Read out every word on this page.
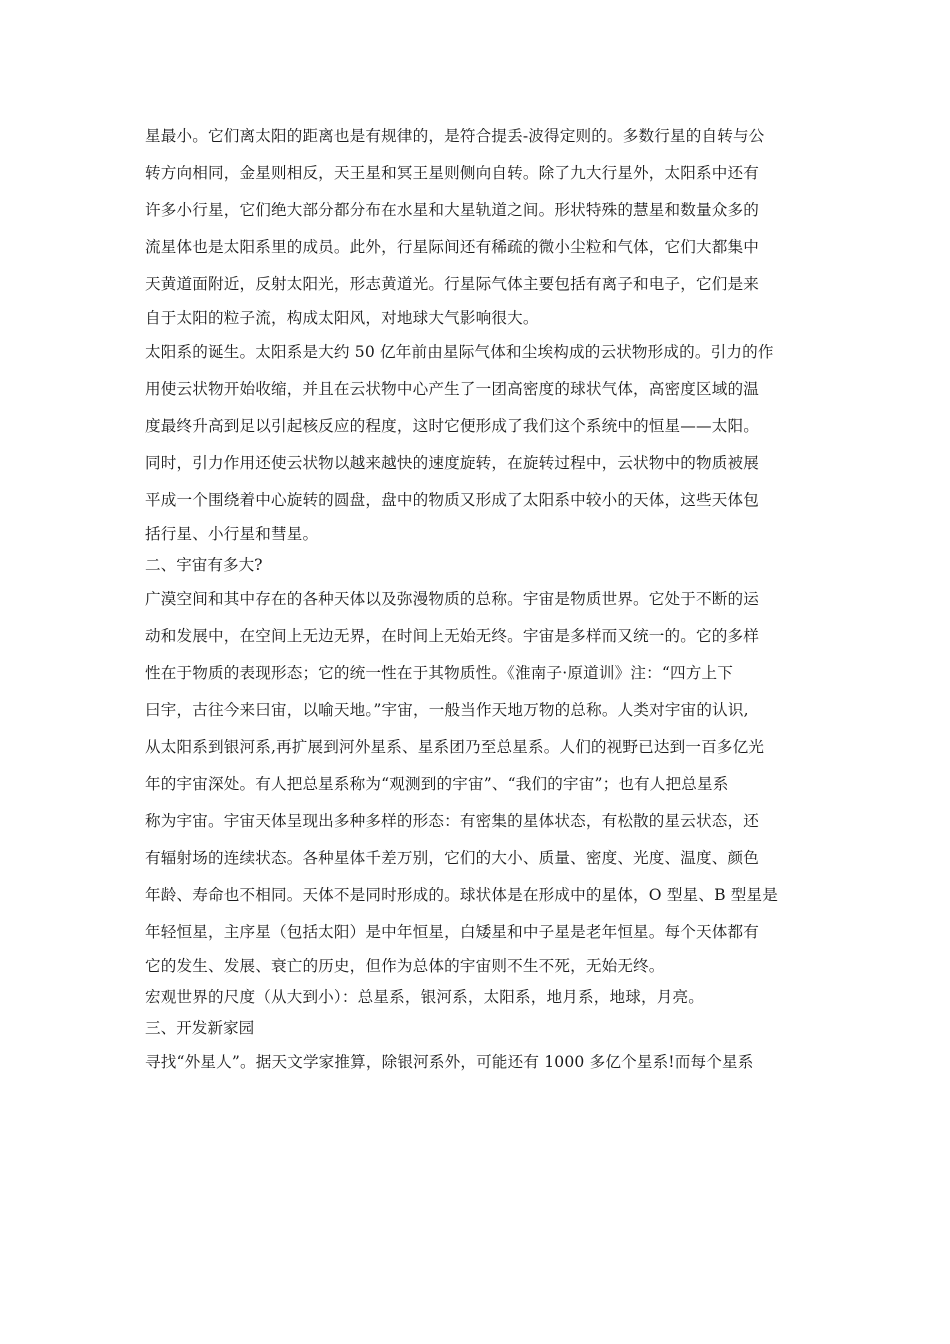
星最小。它们离太阳的距离也是有规律的，是符合提丢-波得定则的。多数行星的自转与公
转方向相同，金星则相反，天王星和冥王星则侧向自转。除了九大行星外，太阳系中还有
许多小行星，它们绝大部分都分布在水星和大星轨道之间。形状特殊的慧星和数量众多的
流星体也是太阳系里的成员。此外，行星际间还有稀疏的微小尘粒和气体，它们大都集中
天黄道面附近，反射太阳光，形志黄道光。行星际气体主要包括有离子和电子，它们是来
自于太阳的粒子流，构成太阳风，对地球大气影响很大。
太阳系的诞生。太阳系是大约 50 亿年前由星际气体和尘埃构成的云状物形成的。引力的作
用使云状物开始收缩，并且在云状物中心产生了一团高密度的球状气体，高密度区域的温
度最终升高到足以引起核反应的程度，这时它便形成了我们这个系统中的恒星——太阳。
同时，引力作用还使云状物以越来越快的速度旋转，在旋转过程中，云状物中的物质被展
平成一个围绕着中心旋转的圆盘，盘中的物质又形成了太阳系中较小的天体，这些天体包
括行星、小行星和彗星。
二、宇宙有多大?
广漠空间和其中存在的各种天体以及弥漫物质的总称。宇宙是物质世界。它处于不断的运
动和发展中，在空间上无边无界，在时间上无始无终。宇宙是多样而又统一的。它的多样
性在于物质的表现形态；它的统一性在于其物质性。《淮南子·原道训》注：“四方上下
曰宇，古往今来曰宙，以喻天地。”宇宙，一般当作天地万物的总称。人类对宇宙的认识,
从太阳系到银河系,再扩展到河外星系、星系团乃至总星系。人们的视野已达到一百多亿光
年的宇宙深处。有人把总星系称为“观测到的宇宙”、“我们的宇宙”；也有人把总星系
称为宇宙。宇宙天体呈现出多种多样的形态：有密集的星体状态，有松散的星云状态，还
有辐射场的连续状态。各种星体千差万别，它们的大小、质量、密度、光度、温度、颜色
年龄、寿命也不相同。天体不是同时形成的。球状体是在形成中的星体，O 型星、B 型星是
年轻恒星，主序星（包括太阳）是中年恒星，白矮星和中子星是老年恒星。每个天体都有
它的发生、发展、衰亡的历史，但作为总体的宇宙则不生不死，无始无终。
宏观世界的尺度（从大到小）：总星系，银河系，太阳系，地月系，地球，月亮。
三、开发新家园
寻找“外星人”。据天文学家推算，除银河系外，可能还有 1000 多亿个星系!而每个星系
